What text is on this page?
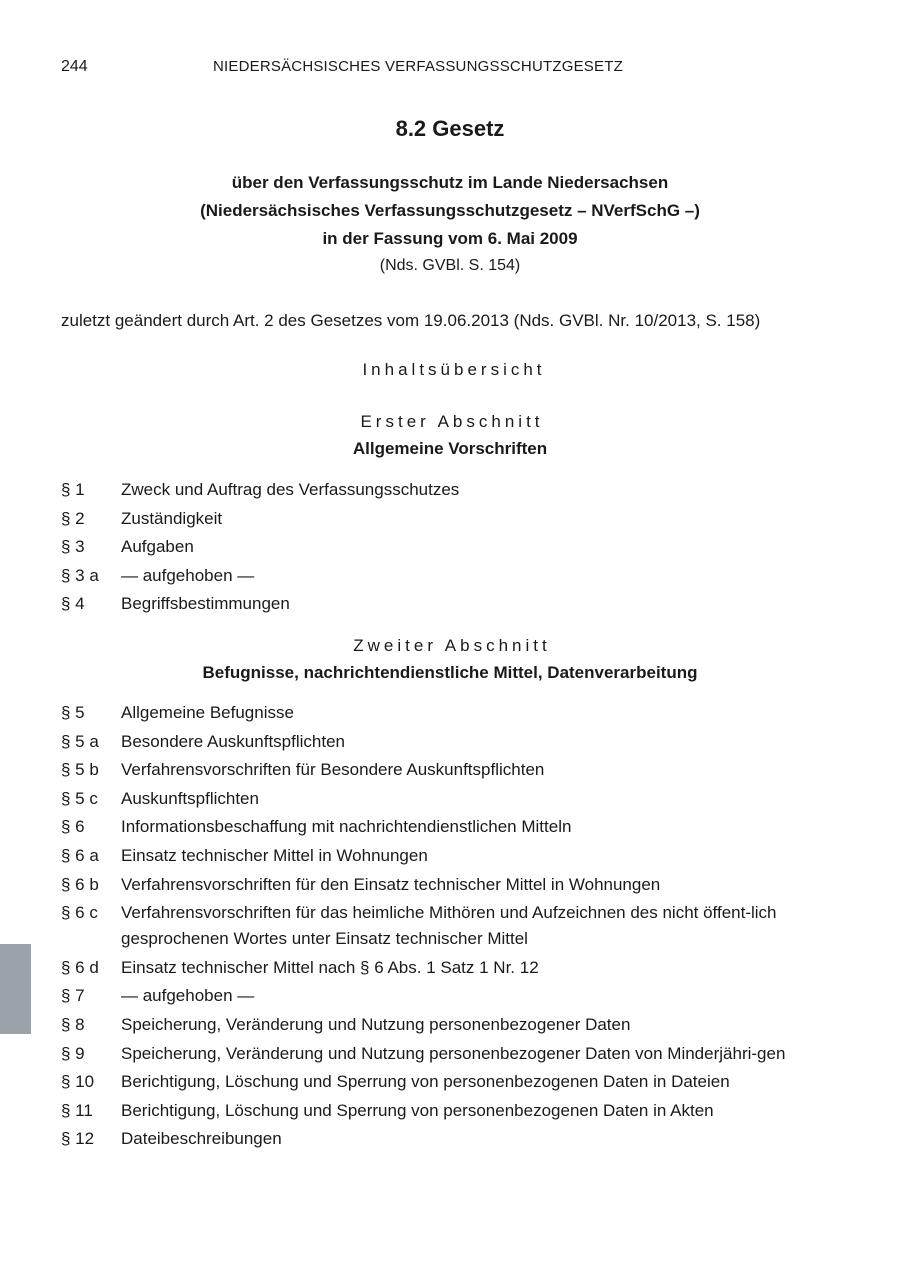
244	NIEDERSÄCHSISCHES VERFASSUNGSSCHUTZGESETZ
8.2 Gesetz
über den Verfassungsschutz im Lande Niedersachsen
(Niedersächsisches Verfassungsschutzgesetz – NVerfSchG –)
in der Fassung vom 6. Mai 2009
(Nds. GVBl. S. 154)
zuletzt geändert durch Art. 2 des Gesetzes vom 19.06.2013 (Nds. GVBl. Nr. 10/2013, S. 158)
Inhaltsübersicht
Erster Abschnitt
Allgemeine Vorschriften
§ 1	Zweck und Auftrag des Verfassungsschutzes
§ 2	Zuständigkeit
§ 3	Aufgaben
§ 3 a	— aufgehoben —
§ 4	Begriffsbestimmungen
Zweiter Abschnitt
Befugnisse, nachrichtendienstliche Mittel, Datenverarbeitung
§ 5	Allgemeine Befugnisse
§ 5 a	Besondere Auskunftspflichten
§ 5 b	Verfahrensvorschriften für Besondere Auskunftspflichten
§ 5 c	Auskunftspflichten
§ 6	Informationsbeschaffung mit nachrichtendienstlichen Mitteln
§ 6 a	Einsatz technischer Mittel in Wohnungen
§ 6 b	Verfahrensvorschriften für den Einsatz technischer Mittel in Wohnungen
§ 6 c	Verfahrensvorschriften für das heimliche Mithören und Aufzeichnen des nicht öffent-lich gesprochenen Wortes unter Einsatz technischer Mittel
§ 6 d	Einsatz technischer Mittel nach § 6 Abs. 1 Satz 1 Nr. 12
§ 7	— aufgehoben —
§ 8	Speicherung, Veränderung und Nutzung personenbezogener Daten
§ 9	Speicherung, Veränderung und Nutzung personenbezogener Daten von Minderjähri-gen
§ 10	Berichtigung, Löschung und Sperrung von personenbezogenen Daten in Dateien
§ 11	Berichtigung, Löschung und Sperrung von personenbezogenen Daten in Akten
§ 12	Dateibeschreibungen
